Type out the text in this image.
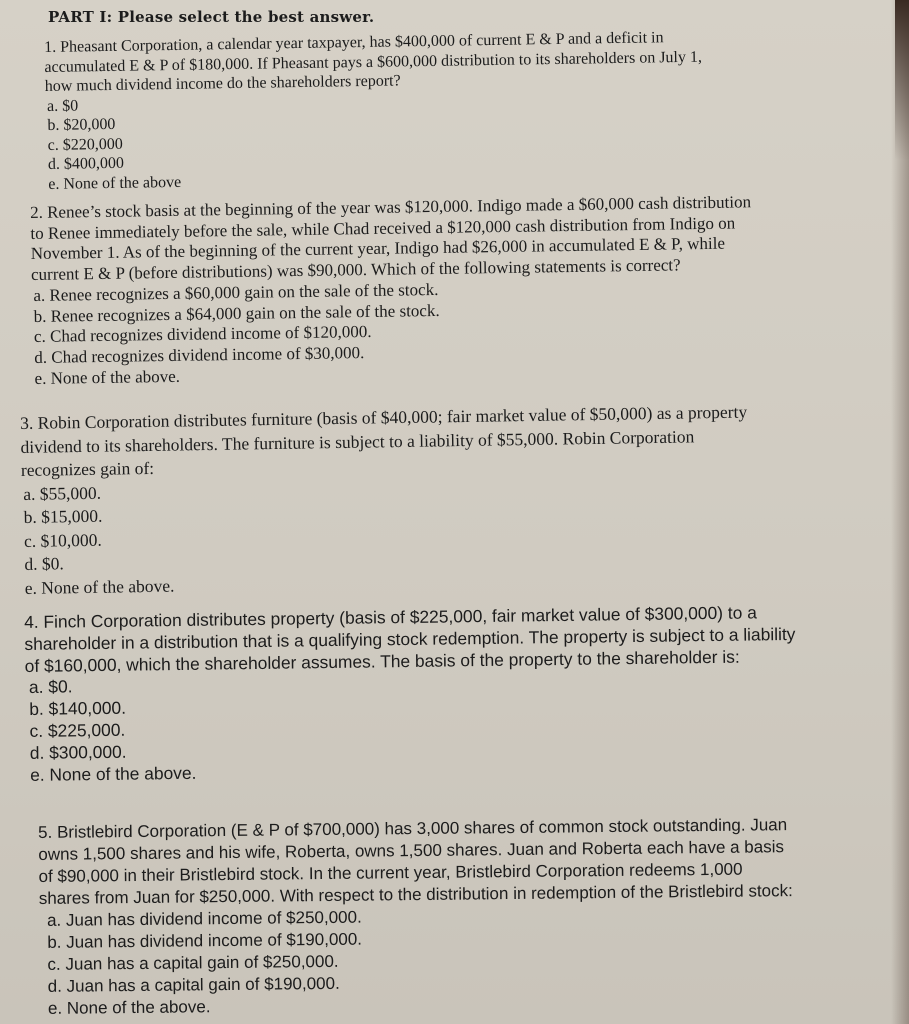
PART I: Please select the best answer.
1. Pheasant Corporation, a calendar year taxpayer, has $400,000 of current E & P and a deficit in
accumulated E & P of $180,000. If Pheasant pays a $600,000 distribution to its shareholders on July 1,
how much dividend income do the shareholders report?
a. $0
b. $20,000
c. $220,000
d. $400,000
e. None of the above
2. Renee’s stock basis at the beginning of the year was $120,000. Indigo made a $60,000 cash distribution
to Renee immediately before the sale, while Chad received a $120,000 cash distribution from Indigo on
November 1. As of the beginning of the current year, Indigo had $26,000 in accumulated E & P, while
current E & P (before distributions) was $90,000. Which of the following statements is correct?
a. Renee recognizes a $60,000 gain on the sale of the stock.
b. Renee recognizes a $64,000 gain on the sale of the stock.
c. Chad recognizes dividend income of $120,000.
d. Chad recognizes dividend income of $30,000.
e. None of the above.
3. Robin Corporation distributes furniture (basis of $40,000; fair market value of $50,000) as a property
dividend to its shareholders. The furniture is subject to a liability of $55,000. Robin Corporation
recognizes gain of:
a. $55,000.
b. $15,000.
c. $10,000.
d. $0.
e. None of the above.
4. Finch Corporation distributes property (basis of $225,000, fair market value of $300,000) to a
shareholder in a distribution that is a qualifying stock redemption. The property is subject to a liability
of $160,000, which the shareholder assumes. The basis of the property to the shareholder is:
a. $0.
b. $140,000.
c. $225,000.
d. $300,000.
e. None of the above.
5. Bristlebird Corporation (E & P of $700,000) has 3,000 shares of common stock outstanding. Juan
owns 1,500 shares and his wife, Roberta, owns 1,500 shares. Juan and Roberta each have a basis
of $90,000 in their Bristlebird stock. In the current year, Bristlebird Corporation redeems 1,000
shares from Juan for $250,000. With respect to the distribution in redemption of the Bristlebird stock:
a. Juan has dividend income of $250,000.
b. Juan has dividend income of $190,000.
c. Juan has a capital gain of $250,000.
d. Juan has a capital gain of $190,000.
e. None of the above.
